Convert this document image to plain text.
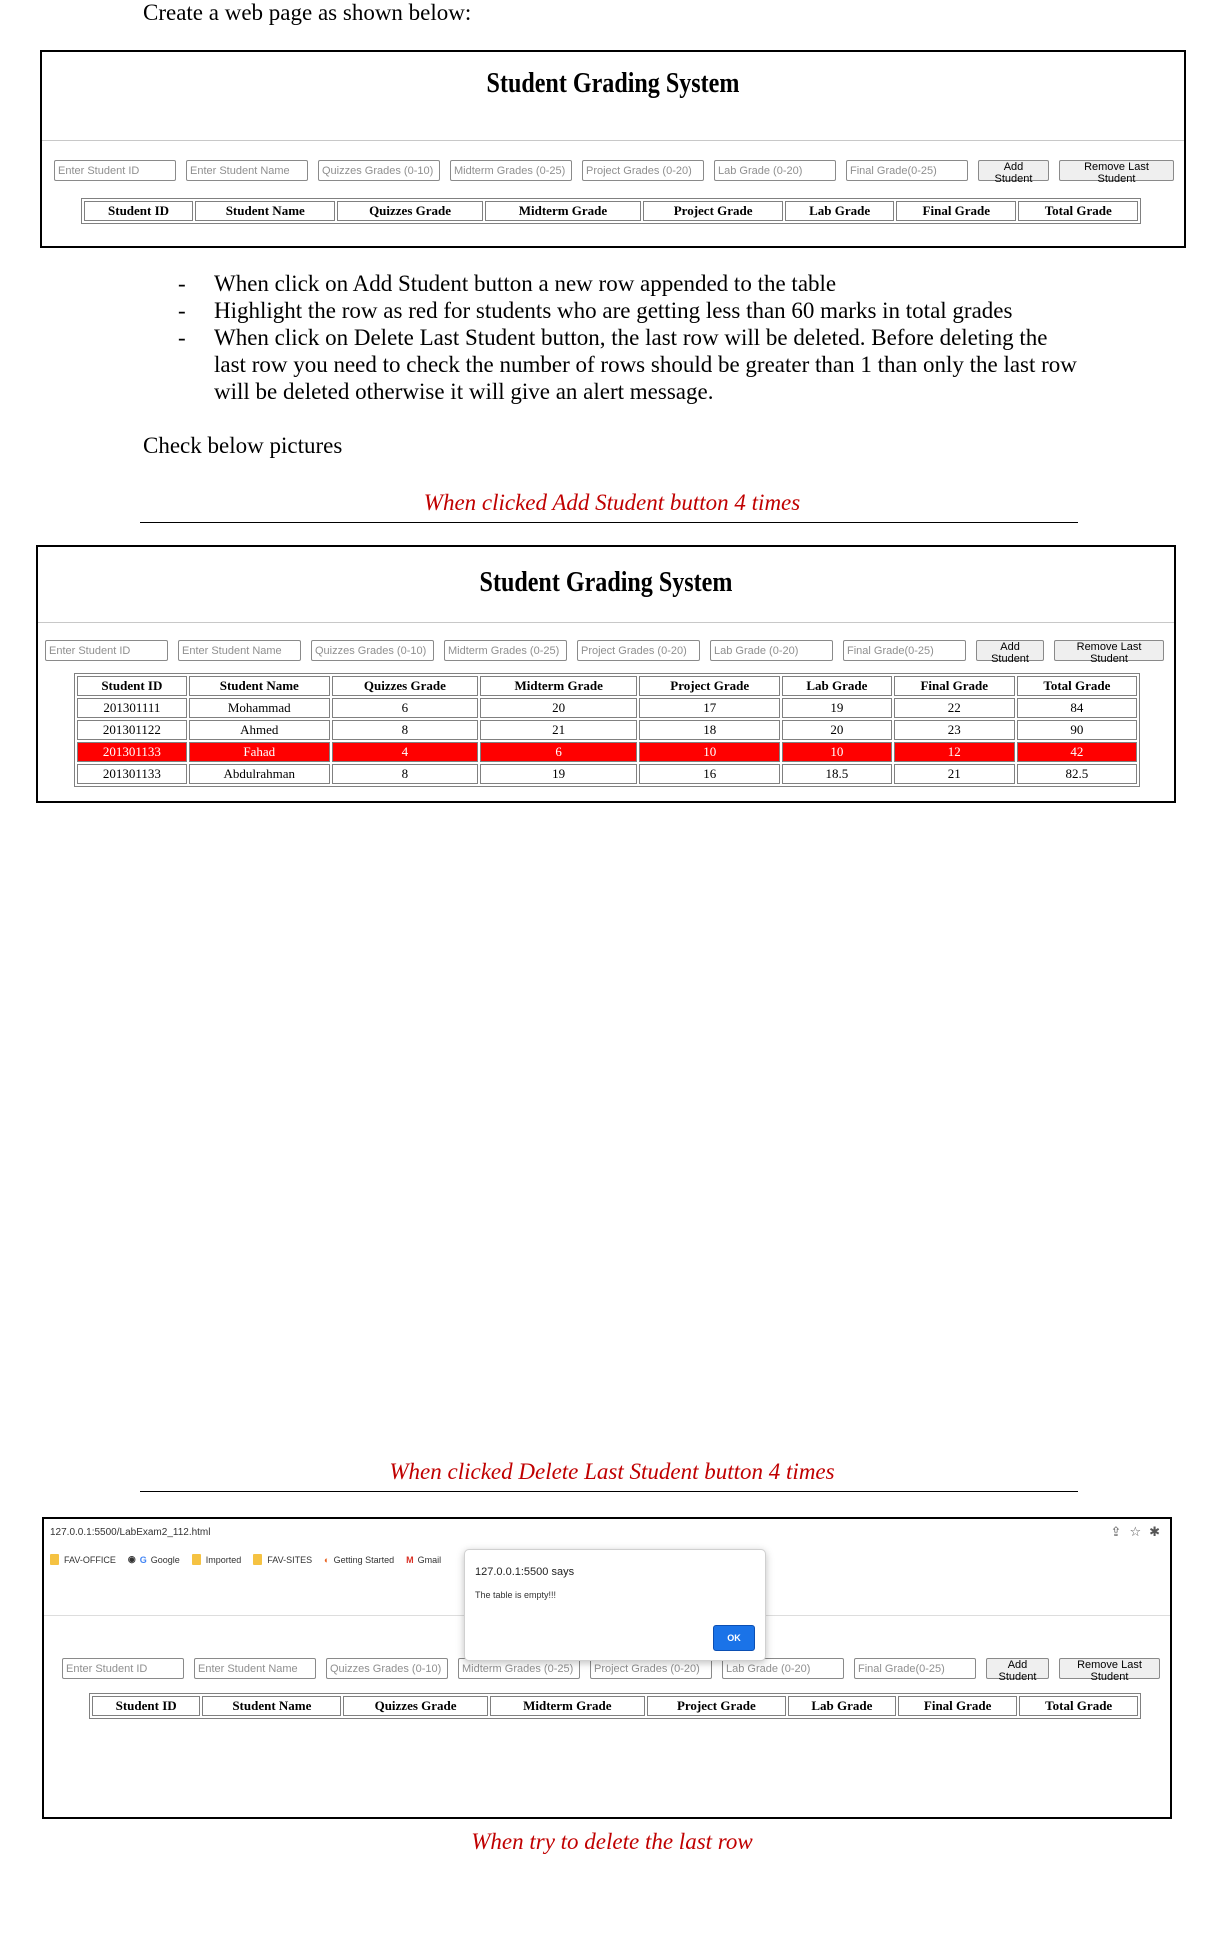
Create a web page as shown below:
Student Grading System
Enter Student ID
Enter Student Name
Quizzes Grades (0-10)
Midterm Grades (0-25)
Project Grades (0-20)
Lab Grade (0-20)
Final Grade(0-25)
Add Student
Remove Last Student
Student ID	Student Name	Quizzes Grade	Midterm Grade	Project Grade	Lab Grade	Final Grade	Total Grade
- When click on Add Student button a new row appended to the table
- Highlight the row as red for students who are getting less than 60 marks in total grades
- When click on Delete Last Student button, the last row will be deleted. Before deleting the last row you need to check the number of rows should be greater than 1 than only the last row will be deleted otherwise it will give an alert message.
Check below pictures
When clicked Add Student button 4 times
Student Grading System
Enter Student ID
Enter Student Name
Quizzes Grades (0-10)
Midterm Grades (0-25)
Project Grades (0-20)
Lab Grade (0-20)
Final Grade(0-25)
Add Student
Remove Last Student
Student ID	Student Name	Quizzes Grade	Midterm Grade	Project Grade	Lab Grade	Final Grade	Total Grade
201301111	Mohammad	6	20	17	19	22	84
201301122	Ahmed	8	21	18	20	23	90
201301133	Fahad	4	6	10	10	12	42
201301133	Abdulrahman	8	19	16	18.5	21	82.5
When clicked Delete Last Student button 4 times
127.0.0.1:5500/LabExam2_112.html	⇪ ☆ ✱
FAV-OFFICE ◉ G Google	Imported	FAV-SITES ◐ Getting Started M Gmail
Enter Student ID
Enter Student Name
Quizzes Grades (0-10)
Midterm Grades (0-25)
Project Grades (0-20)
Lab Grade (0-20)
Final Grade(0-25)
Add Student
Remove Last Student
Student ID	Student Name	Quizzes Grade	Midterm Grade	Project Grade	Lab Grade	Final Grade	Total Grade
127.0.0.1:5500 says
The table is empty!!!
OK
When try to delete the last row
